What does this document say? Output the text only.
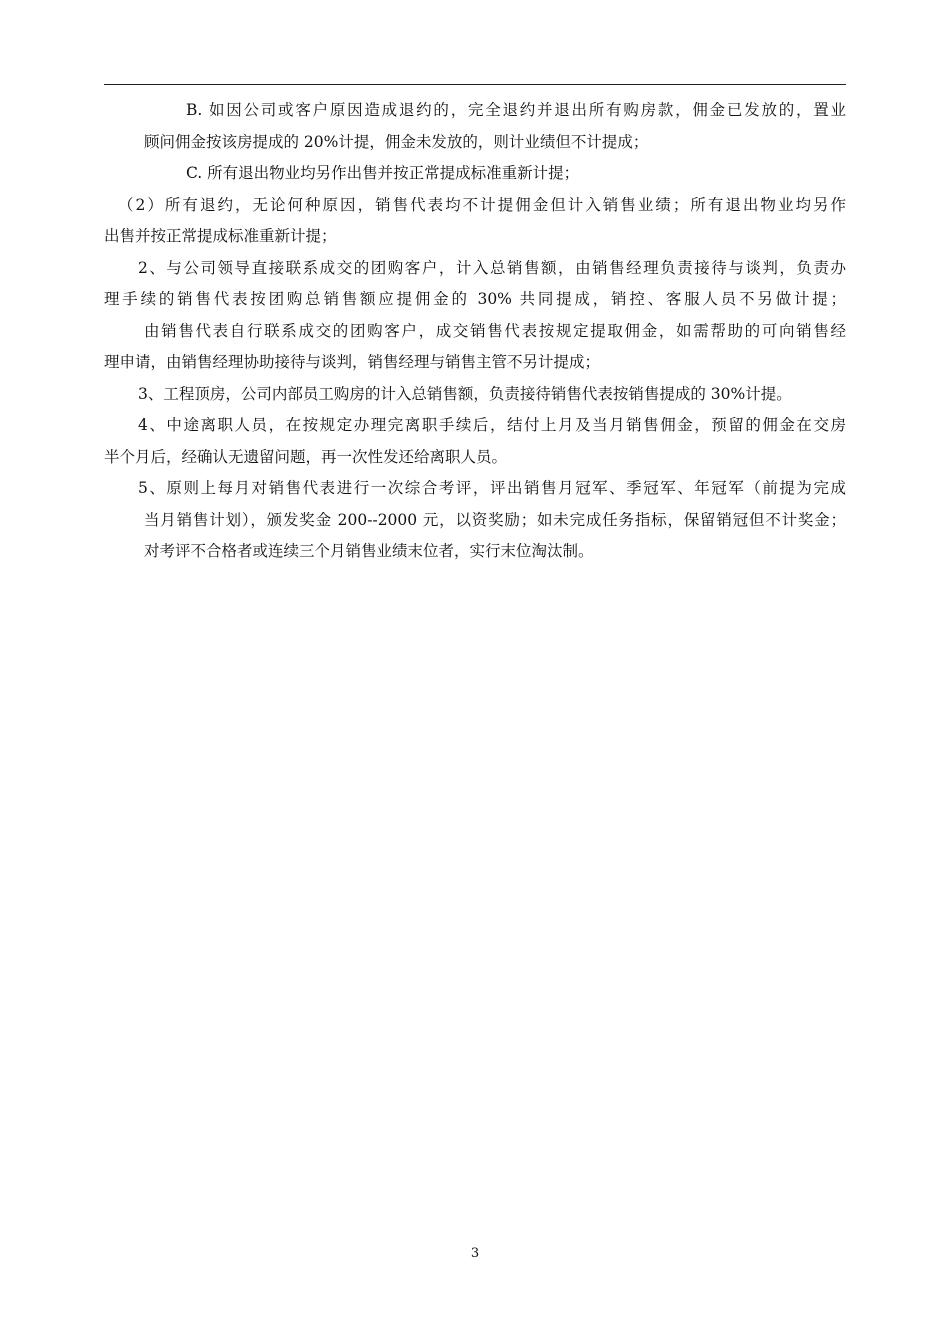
B. 如因公司或客户原因造成退约的，完全退约并退出所有购房款，佣金已发放的，置业
顾问佣金按该房提成的 20%计提，佣金未发放的，则计业绩但不计提成；
C. 所有退出物业均另作出售并按正常提成标准重新计提；
（2）所有退约，无论何种原因，销售代表均不计提佣金但计入销售业绩；所有退出物业均另作
出售并按正常提成标准重新计提；
2、与公司领导直接联系成交的团购客户，计入总销售额，由销售经理负责接待与谈判，负责办
理手续的销售代表按团购总销售额应提佣金的 30% 共同提成，销控、客服人员不另做计提；
由销售代表自行联系成交的团购客户，成交销售代表按规定提取佣金，如需帮助的可向销售经
理申请，由销售经理协助接待与谈判，销售经理与销售主管不另计提成；
3、工程顶房，公司内部员工购房的计入总销售额，负责接待销售代表按销售提成的 30%计提。
4、中途离职人员，在按规定办理完离职手续后，结付上月及当月销售佣金，预留的佣金在交房
半个月后，经确认无遗留问题，再一次性发还给离职人员。
5、原则上每月对销售代表进行一次综合考评，评出销售月冠军、季冠军、年冠军（前提为完成
当月销售计划），颁发奖金 200--2000 元，以资奖励；如未完成任务指标，保留销冠但不计奖金；
对考评不合格者或连续三个月销售业绩末位者，实行末位淘汰制。
3
